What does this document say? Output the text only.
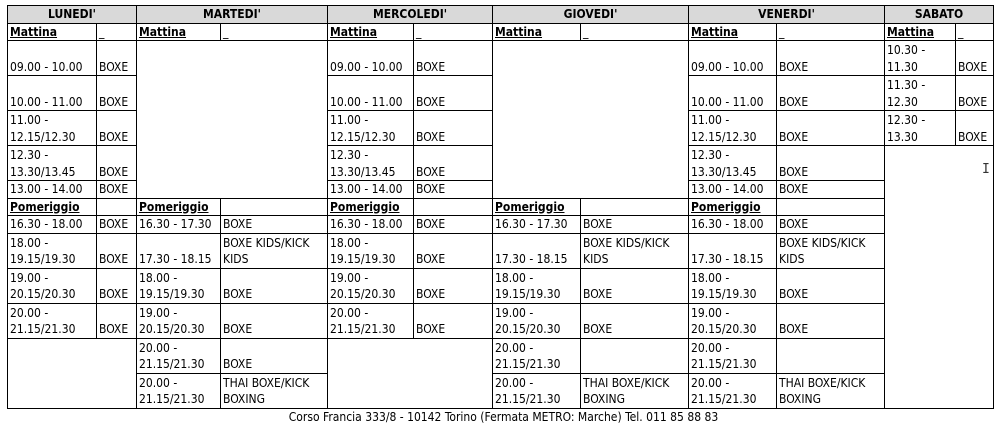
LUNEDI'		MARTEDI'		MERCOLEDI'		GIOVEDI'		VENERDI'		SABATO	
Mattina	_	Mattina	_	Mattina	_	Mattina	_	Mattina	_	Mattina	_
09.00 - 10.00	BOXE			09.00 - 10.00	BOXE			09.00 - 10.00	BOXE	10.30 - 11.30	BOXE
10.00 - 11.00	BOXE			10.00 - 11.00	BOXE			10.00 - 11.00	BOXE	11.30 - 12.30	BOXE
11.00 - 12.15/12.30	BOXE			11.00 - 12.15/12.30	BOXE			11.00 - 12.15/12.30	BOXE	12.30 - 13.30	BOXE
12.30 - 13.30/13.45	BOXE			12.30 - 13.30/13.45	BOXE			12.30 - 13.30/13.45	BOXE		
13.00 - 14.00	BOXE			13.00 - 14.00	BOXE			13.00 - 14.00	BOXE		
Pomeriggio		Pomeriggio		Pomeriggio		Pomeriggio		Pomeriggio			
16.30 - 18.00	BOXE	16.30 - 17.30	BOXE	16.30 - 18.00	BOXE	16.30 - 17.30	BOXE	16.30 - 18.00	BOXE		
18.00 - 19.15/19.30	BOXE	17.30 - 18.15	BOXE KIDS/KICK KIDS	18.00 - 19.15/19.30	BOXE	17.30 - 18.15	BOXE KIDS/KICK KIDS	17.30 - 18.15	BOXE KIDS/KICK KIDS		
19.00 - 20.15/20.30	BOXE	18.00 - 19.15/19.30	BOXE	19.00 - 20.15/20.30	BOXE	18.00 - 19.15/19.30	BOXE	18.00 - 19.15/19.30	BOXE		
20.00 - 21.15/21.30	BOXE	19.00 - 20.15/20.30	BOXE	20.00 - 21.15/21.30	BOXE	19.00 - 20.15/20.30	BOXE	19.00 - 20.15/20.30	BOXE		
		20.00 - 21.15/21.30	BOXE			20.00 - 21.15/21.30		20.00 - 21.15/21.30			
		20.00 - 21.15/21.30	THAI BOXE/KICK BOXING			20.00 - 21.15/21.30	THAI BOXE/KICK BOXING	20.00 - 21.15/21.30	THAI BOXE/KICK BOXING		
Corso Francia 333/8 - 10142 Torino (Fermata METRO: Marche) Tel. 011 85 88 83
I
